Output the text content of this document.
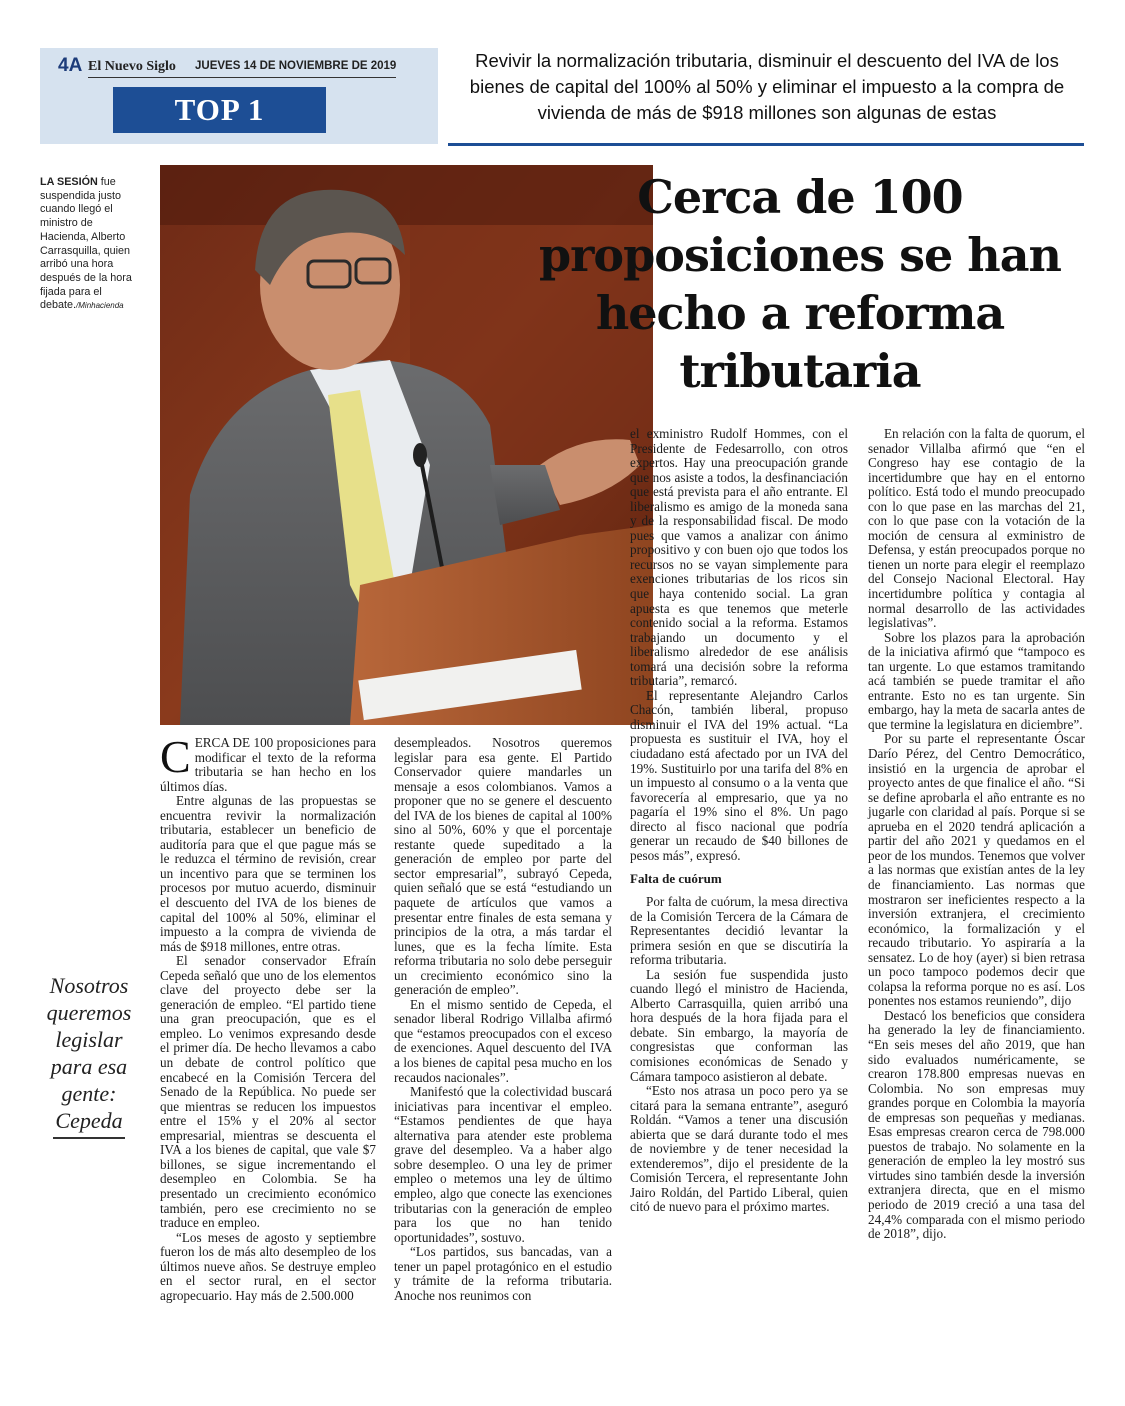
4A El Nuevo Siglo JUEVES 14 DE NOVIEMBRE DE 2019
TOP 1
Revivir la normalización tributaria, disminuir el descuento del IVA de los bienes de capital del 100% al 50% y eliminar el impuesto a la compra de vivienda de más de $918 millones son algunas de estas
LA SESIÓN fue suspendida justo cuando llegó el ministro de Hacienda, Alberto Carrasquilla, quien arribó una hora después de la hora fijada para el debate./Minhacienda
Cerca de 100 proposiciones se han hecho a reforma tributaria
Nosotros queremos legislar para esa gente: Cepeda

CERCA DE 100 proposiciones para modificar el texto de la reforma tributaria se han hecho en los últimos días.

Entre algunas de las propuestas se encuentra revivir la normalización tributaria, establecer un beneficio de auditoría para que el que pague más se le reduzca el término de revisión, crear un incentivo para que se terminen los procesos por mutuo acuerdo, disminuir el descuento del IVA de los bienes de capital del 100% al 50%, eliminar el impuesto a la compra de vivienda de más de $918 millones, entre otras.

El senador conservador Efraín Cepeda señaló que uno de los elementos clave del proyecto debe ser la generación de empleo. “El partido tiene una gran preocupación, que es el empleo. Lo venimos expresando desde el primer día. De hecho llevamos a cabo un debate de control político que encabecé en la Comisión Tercera del Senado de la República. No puede ser que mientras se reducen los impuestos entre el 15% y el 20% al sector empresarial, mientras se descuenta el IVA a los bienes de capital, que vale $7 billones, se sigue incrementando el desempleo en Colombia. Se ha presentado un crecimiento económico también, pero ese crecimiento no se traduce en empleo.

“Los meses de agosto y septiembre fueron los de más alto desempleo de los últimos nueve años. Se destruye empleo en el sector rural, en el sector agropecuario. Hay más de 2.500.000

desempleados. Nosotros queremos legislar para esa gente. El Partido Conservador quiere mandarles un mensaje a esos colombianos. Vamos a proponer que no se genere el descuento del IVA de los bienes de capital al 100% sino al 50%, 60% y que el porcentaje restante quede supeditado a la generación de empleo por parte del sector empresarial”, subrayó Cepeda, quien señaló que se está “estudiando un paquete de artículos que vamos a presentar entre finales de esta semana y principios de la otra, a más tardar el lunes, que es la fecha límite. Esta reforma tributaria no solo debe perseguir un crecimiento económico sino la generación de empleo”.

En el mismo sentido de Cepeda, el senador liberal Rodrigo Villalba afirmó que “estamos preocupados con el exceso de exenciones. Aquel descuento del IVA a los bienes de capital pesa mucho en los recaudos nacionales”.

Manifestó que la colectividad buscará iniciativas para incentivar el empleo. “Estamos pendientes de que haya alternativa para atender este problema grave del desempleo. Va a haber algo sobre desempleo. O una ley de primer empleo o metemos una ley de último empleo, algo que conecte las exenciones tributarias con la generación de empleo para los que no han tenido oportunidades”, sostuvo.

“Los partidos, sus bancadas, van a tener un papel protagónico en el estudio y trámite de la reforma tributaria. Anoche nos reunimos con

el exministro Rudolf Hommes, con el Presidente de Fedesarrollo, con otros expertos. Hay una preocupación grande que nos asiste a todos, la desfinanciación que está prevista para el año entrante. El liberalismo es amigo de la moneda sana y de la responsabilidad fiscal. De modo pues que vamos a analizar con ánimo propositivo y con buen ojo que todos los recursos no se vayan simplemente para exenciones tributarias de los ricos sin que haya contenido social. La gran apuesta es que tenemos que meterle contenido social a la reforma. Estamos trabajando un documento y el liberalismo alrededor de ese análisis tomará una decisión sobre la reforma tributaria”, remarcó.

El representante Alejandro Carlos Chacón, también liberal, propuso disminuir el IVA del 19% actual. “La propuesta es sustituir el IVA, hoy el ciudadano está afectado por un IVA del 19%. Sustituirlo por una tarifa del 8% en un impuesto al consumo o a la venta que favorecería al empresario, que ya no pagaría el 19% sino el 8%. Un pago directo al fisco nacional que podría generar un recaudo de $40 billones de pesos más”, expresó.

Falta de cuórum

Por falta de cuórum, la mesa directiva de la Comisión Tercera de la Cámara de Representantes decidió levantar la primera sesión en que se discutiría la reforma tributaria.

La sesión fue suspendida justo cuando llegó el ministro de Hacienda, Alberto Carrasquilla, quien arribó una hora después de la hora fijada para el debate. Sin embargo, la mayoría de congresistas que conforman las comisiones económicas de Senado y Cámara tampoco asistieron al debate.

“Esto nos atrasa un poco pero ya se citará para la semana entrante”, aseguró Roldán. “Vamos a tener una discusión abierta que se dará durante todo el mes de noviembre y de tener necesidad la extenderemos”, dijo el presidente de la Comisión Tercera, el representante John Jairo Roldán, del Partido Liberal, quien citó de nuevo para el próximo martes.

En relación con la falta de quorum, el senador Villalba afirmó que “en el Congreso hay ese contagio de la incertidumbre que hay en el entorno político. Está todo el mundo preocupado con lo que pase en las marchas del 21, con lo que pase con la votación de la moción de censura al exministro de Defensa, y están preocupados porque no tienen un norte para elegir el reemplazo del Consejo Nacional Electoral. Hay incertidumbre política y contagia al normal desarrollo de las actividades legislativas”.

Sobre los plazos para la aprobación de la iniciativa afirmó que “tampoco es tan urgente. Lo que estamos tramitando acá también se puede tramitar el año entrante. Esto no es tan urgente. Sin embargo, hay la meta de sacarla antes de que termine la legislatura en diciembre”.

Por su parte el representante Óscar Darío Pérez, del Centro Democrático, insistió en la urgencia de aprobar el proyecto antes de que finalice el año. “Si se define aprobarla el año entrante es no jugarle con claridad al país. Porque si se aprueba en el 2020 tendrá aplicación a partir del año 2021 y quedamos en el peor de los mundos. Tenemos que volver a las normas que existían antes de la ley de financiamiento. Las normas que mostraron ser ineficientes respecto a la inversión extranjera, el crecimiento económico, la formalización y el recaudo tributario. Yo aspiraría a la sensatez. Lo de hoy (ayer) si bien retrasa un poco tampoco podemos decir que colapsa la reforma porque no es así. Los ponentes nos estamos reuniendo”, dijo

Destacó los beneficios que considera ha generado la ley de financiamiento. “En seis meses del año 2019, que han sido evaluados numéricamente, se crearon 178.800 empresas nuevas en Colombia. No son empresas muy grandes porque en Colombia la mayoría de empresas son pequeñas y medianas. Esas empresas crearon cerca de 798.000 puestos de trabajo. No solamente en la generación de empleo la ley mostró sus virtudes sino también desde la inversión extranjera directa, que en el mismo periodo de 2019 creció a una tasa del 24,4% comparada con el mismo periodo de 2018”, dijo.
